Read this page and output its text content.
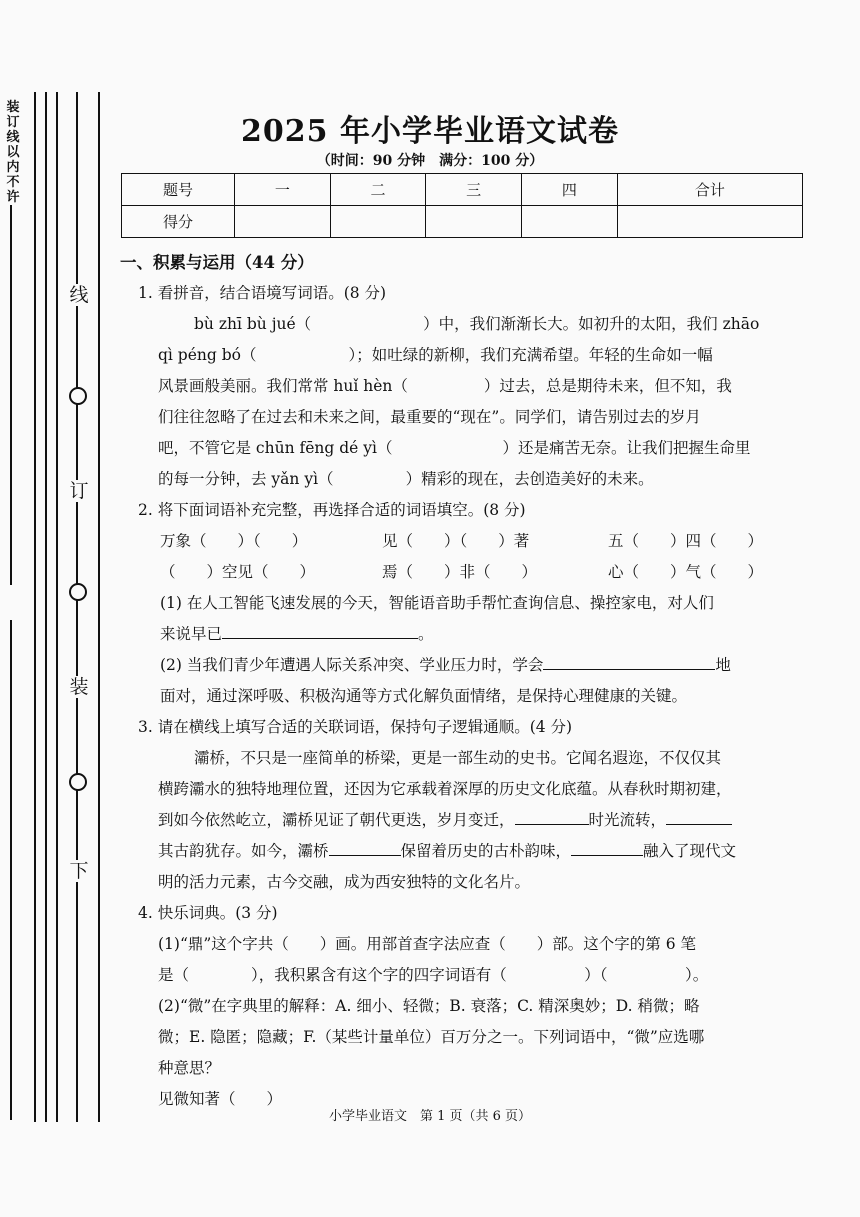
装订线以内不许
线
订
装
下
2025 年小学毕业语文试卷
（时间：90 分钟　满分：100 分）
题号	一	二	三	四	合计
得分					
一、积累与运用（44 分）
1. 看拼音，结合语境写词语。(8 分)
bù zhī bù jué（	）中，我们渐渐长大。如初升的太阳，我们 zhāo
qì péng bó（	）；如吐绿的新柳，我们充满希望。年轻的生命如一幅
风景画般美丽。我们常常 huǐ hèn（	）过去，总是期待未来，但不知，我
们往往忽略了在过去和未来之间，最重要的“现在”。同学们，请告别过去的岁月
吧，不管它是 chūn fēng dé yì（	）还是痛苦无奈。让我们把握生命里
的每一分钟，去 yǎn yì（	）精彩的现在，去创造美好的未来。
2. 将下面词语补充完整，再选择合适的词语填空。(8 分)
万象（　　）（　　）	见（　　）（　　）著	五（　　）四（　　）
（　　）空见（　　）	焉（　　）非（　　）	心（　　）气（　　）
(1) 在人工智能飞速发展的今天，智能语音助手帮忙查询信息、操控家电，对人们
来说早已	。
(2) 当我们青少年遭遇人际关系冲突、学业压力时，学会	地
面对，通过深呼吸、积极沟通等方式化解负面情绪，是保持心理健康的关键。
3. 请在横线上填写合适的关联词语，保持句子逻辑通顺。(4 分)
灞桥，不只是一座简单的桥梁，更是一部生动的史书。它闻名遐迩，不仅仅其
横跨灞水的独特地理位置，还因为它承载着深厚的历史文化底蕴。从春秋时期初建，
到如今依然屹立，灞桥见证了朝代更迭，岁月变迁，	时光流转，
其古韵犹存。如今，灞桥	保留着历史的古朴韵味，	融入了现代文
明的活力元素，古今交融，成为西安独特的文化名片。
4. 快乐词典。(3 分)
(1)“鼎”这个字共（　　）画。用部首查字法应查（　　）部。这个字的第 6 笔
是（　　　　），我积累含有这个字的四字词语有（　　　　　）（　　　　　）。
(2)“微”在字典里的解释：A. 细小、轻微；B. 衰落；C. 精深奥妙；D. 稍微；略
微；E. 隐匿；隐藏；F.（某些计量单位）百万分之一。下列词语中，“微”应选哪
种意思？
见微知著（　　）
小学毕业语文　第 1 页（共 6 页）
